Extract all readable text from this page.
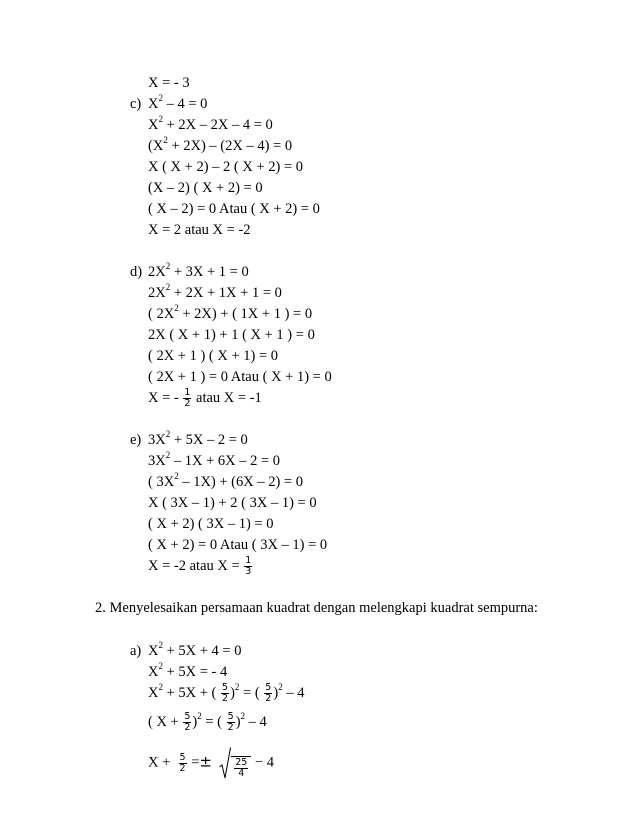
X = - 3
c) $X^2 - 4 = 0$
$X^2 + 2X - 2X - 4 = 0$
$(X^2 + 2X) - (2X - 4) = 0$
X ( X + 2) – 2 ( X + 2) = 0
(X – 2) ( X + 2) = 0
( X – 2) = 0 Atau ( X + 2) = 0
X = 2 atau X = -2
d) $2X^2 + 3X + 1 = 0$
$2X^2 + 2X + 1X + 1 = 0$
( $2X^2 + 2X$) + ( 1X + 1 ) = 0
2X ( X + 1) + 1 ( X + 1 ) = 0
( 2X + 1 ) ( X + 1) = 0
( 2X + 1 ) = 0 Atau ( X + 1) = 0
X = - $\frac{1}{2}$ atau X = -1
e) $3X^2 + 5X - 2 = 0$
$3X^2 - 1X + 6X - 2 = 0$
( $3X^2 - 1X) + (6X - 2) = 0$
X ( 3X – 1) + 2 ( 3X – 1) = 0
( X + 2) ( 3X – 1) = 0
( X + 2) = 0 Atau ( 3X – 1) = 0
X = -2 atau $X = \frac{1}{3}$
2. Menyelesaikan persamaan kuadrat dengan melengkapi kuadrat sempurna:
a) $X^2 + 5X + 4 = 0$
$X^2 + 5X$ = - 4
$X^2 + 5X$ + ( $\frac{5}{2} )^2$ = ( $\frac{5}{2} )^2 - 4$
( $X + \frac{5}{2} )^2$ = ( $\frac{5}{2} )^2 - 4$
$X + \frac{5}{2} =\pm \frac{25}{4} - 4$
